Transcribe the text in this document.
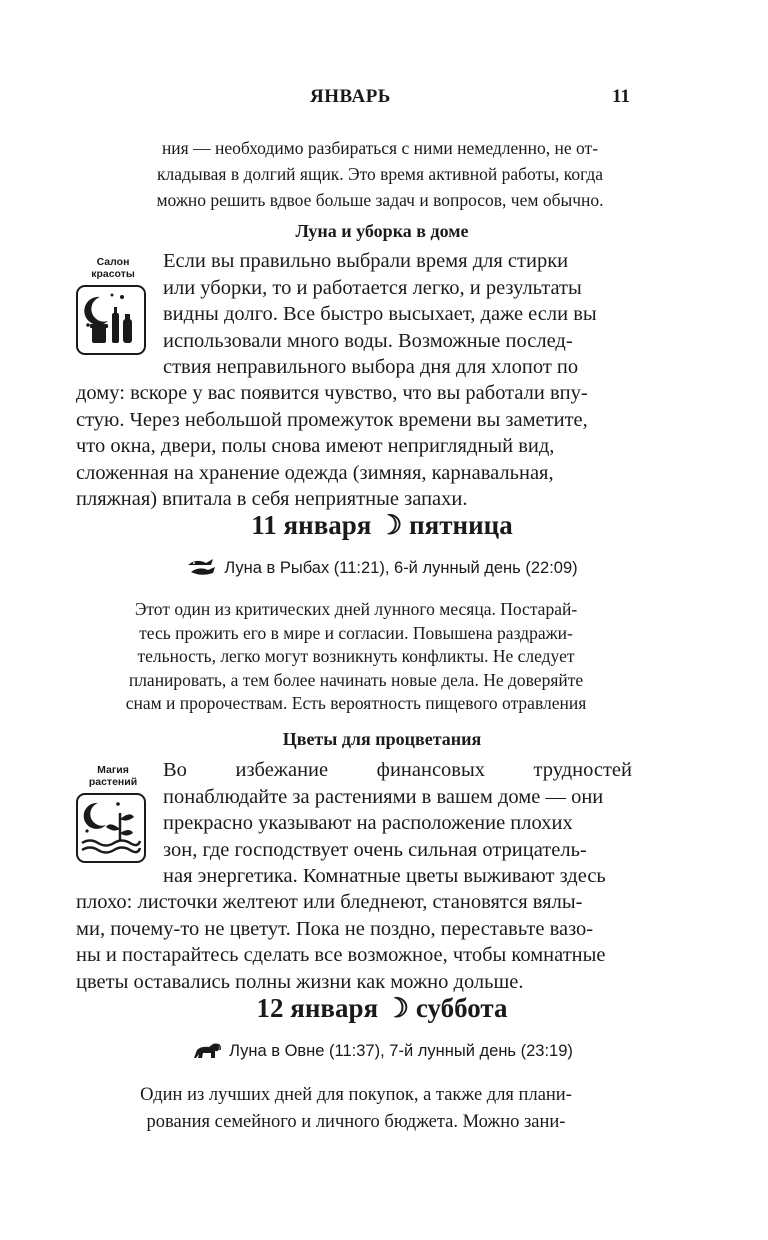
ЯНВАРЬ	11
ния — необходимо разбираться с ними немедленно, не от-
кладывая в долгий ящик. Это время активной работы, когда
можно решить вдвое больше задач и вопросов, чем обычно.
Луна и уборка в доме
Салон красоты
Если вы правильно выбрали время для стирки
или уборки, то и работается легко, и результаты
видны долго. Все быстро высыхает, даже если вы
использовали много воды. Возможные послед-
ствия неправильного выбора дня для хлопот по
дому: вскоре у вас появится чувство, что вы работали впу-
стую. Через небольшой промежуток времени вы заметите,
что окна, двери, полы снова имеют неприглядный вид,
сложенная на хранение одежда (зимняя, карнавальная,
пляжная) впитала в себя неприятные запахи.
11 января ☽ пятница
Луна в Рыбах (11:21), 6-й лунный день (22:09)
Этот один из критических дней лунного месяца. Постарай-
тесь прожить его в мире и согласии. Повышена раздражи-
тельность, легко могут возникнуть конфликты. Не следует
планировать, а тем более начинать новые дела. Не доверяйте
снам и пророчествам. Есть вероятность пищевого отравления
Цветы для процветания
Магия растений
Во избежание финансовых трудностей
понаблюдайте за растениями в вашем доме — они
прекрасно указывают на расположение плохих
зон, где господствует очень сильная отрицатель-
ная энергетика. Комнатные цветы выживают здесь
плохо: листочки желтеют или бледнеют, становятся вялы-
ми, почему-то не цветут. Пока не поздно, переставьте вазо-
ны и постарайтесь сделать все возможное, чтобы комнатные
цветы оставались полны жизни как можно дольше.
12 января ☽ суббота
Луна в Овне (11:37), 7-й лунный день (23:19)
Один из лучших дней для покупок, а также для плани-
рования семейного и личного бюджета. Можно зани-
